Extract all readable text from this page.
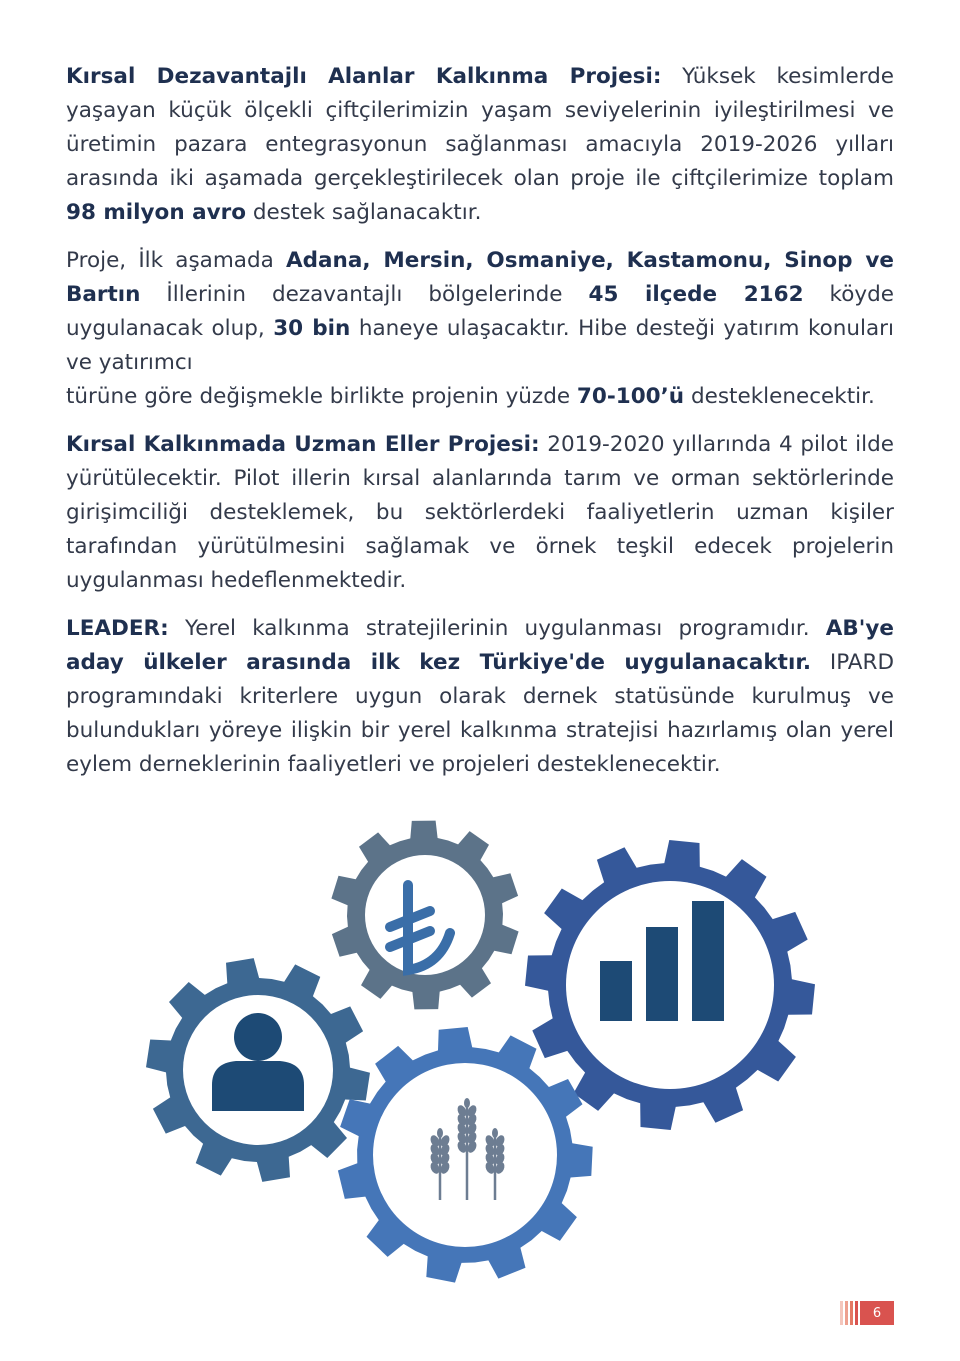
Kırsal Dezavantajlı Alanlar Kalkınma Projesi: Yüksek kesimlerde yaşayan küçük ölçekli çiftçilerimizin yaşam seviyelerinin iyileştirilmesi ve üretimin pazara entegrasyonun sağlanması amacıyla 2019-2026 yılları arasında iki aşamada gerçekleştirilecek olan proje ile çiftçilerimize toplam 98 milyon avro destek sağlanacaktır.

Proje, İlk aşamada Adana, Mersin, Osmaniye, Kastamonu, Sinop ve Bartın İllerinin dezavantajlı bölgelerinde 45 ilçede 2162 köyde uygulanacak olup, 30 bin haneye ulaşacaktır. Hibe desteği yatırım konuları ve yatırımcı
türüne göre değişmekle birlikte projenin yüzde 70-100’ü desteklenecektir.

Kırsal Kalkınmada Uzman Eller Projesi: 2019-2020 yıllarında 4 pilot ilde yürütülecektir. Pilot illerin kırsal alanlarında tarım ve orman sektörlerinde girişimciliği desteklemek, bu sektörlerdeki faaliyetlerin uzman kişiler tarafından yürütülmesini sağlamak ve örnek teşkil edecek projelerin uygulanması hedeflenmektedir.

LEADER: Yerel kalkınma stratejilerinin uygulanması programıdır. AB'ye aday ülkeler arasında ilk kez Türkiye'de uygulanacaktır. IPARD programındaki kriterlere uygun olarak dernek statüsünde kurulmuş ve bulundukları yöreye ilişkin bir yerel kalkınma stratejisi hazırlamış olan yerel eylem derneklerinin faaliyetleri ve projeleri desteklenecektir.

6
